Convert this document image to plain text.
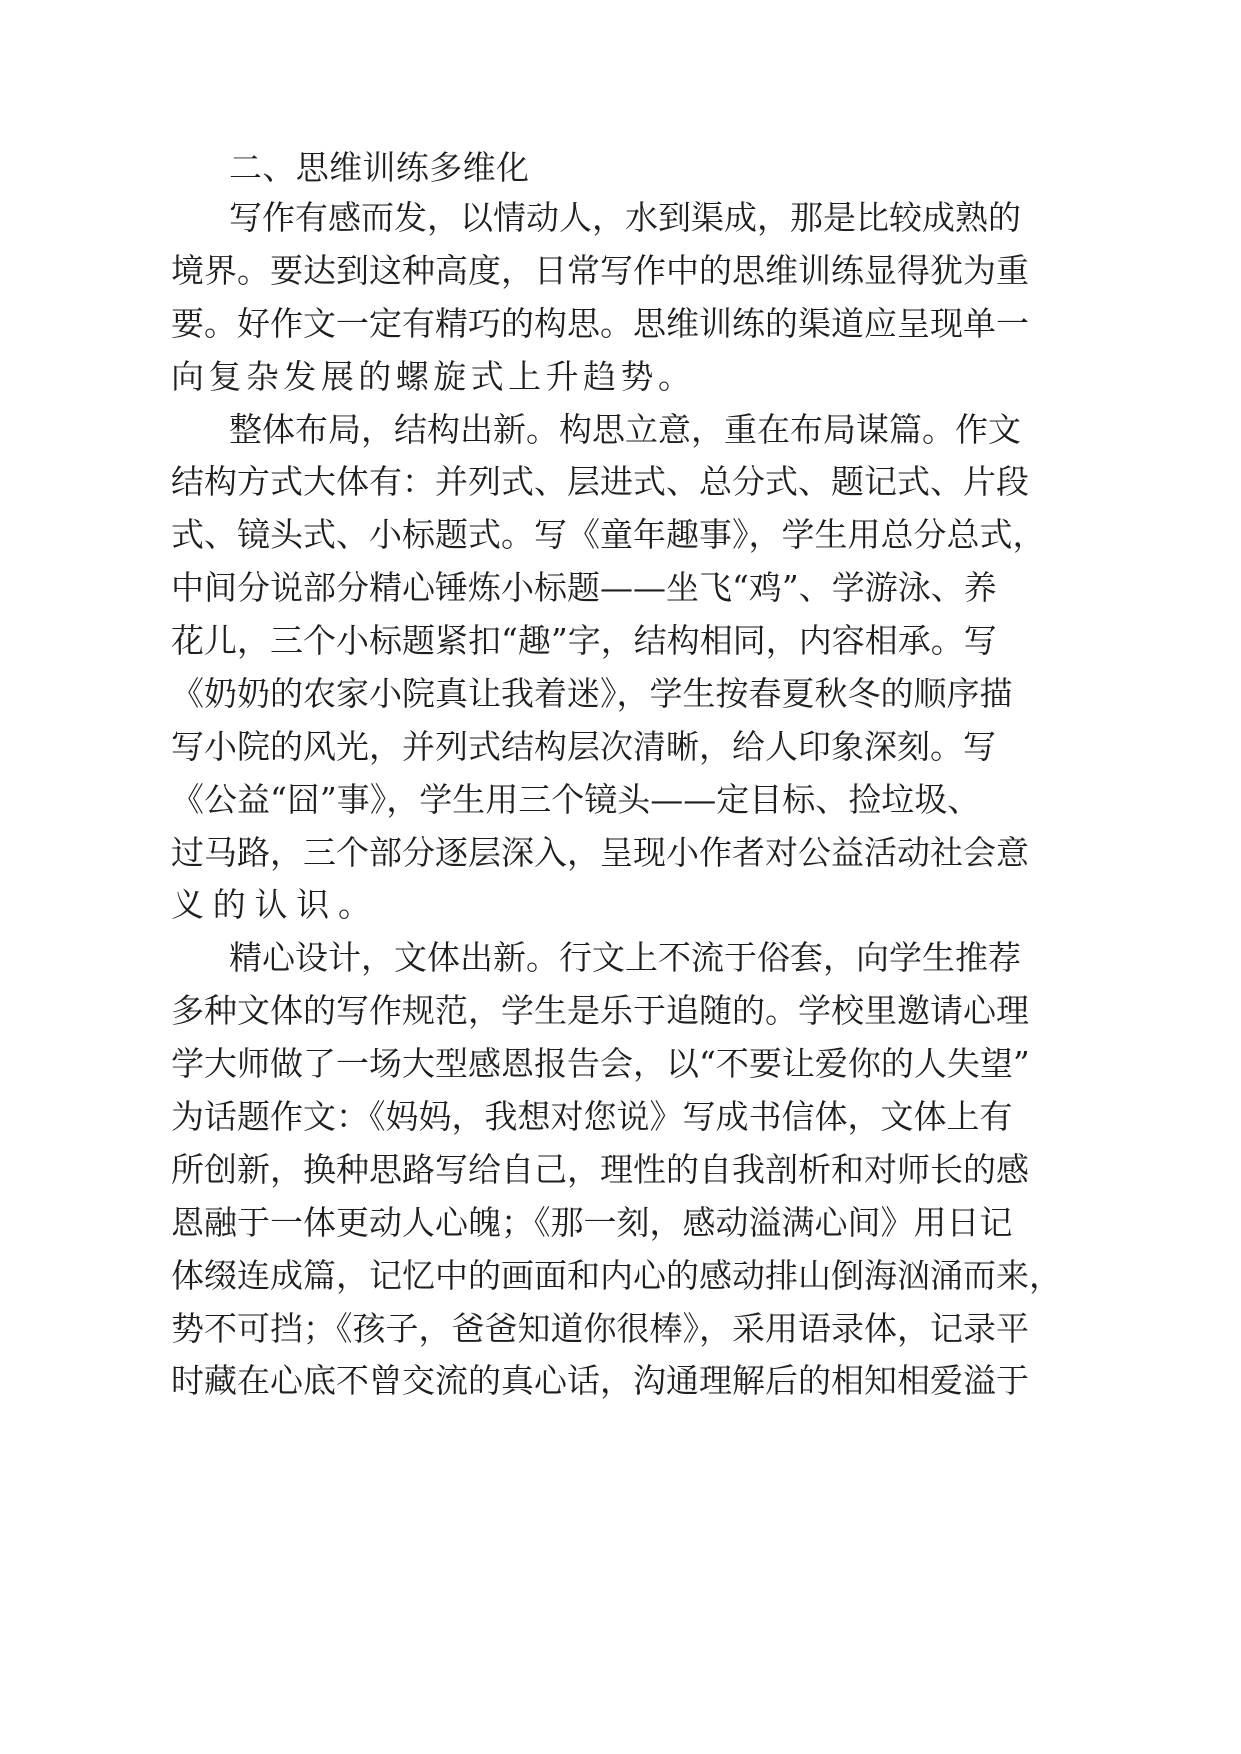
二、思维训练多维化
写作有感而发，以情动人，水到渠成，那是比较成熟的
境界。要达到这种高度，日常写作中的思维训练显得犹为重
要。好作文一定有精巧的构思。思维训练的渠道应呈现单一
向复杂发展的螺旋式上升趋势。
整体布局，结构出新。构思立意，重在布局谋篇。作文
结构方式大体有：并列式、层进式、总分式、题记式、片段
式、镜头式、小标题式。写《童年趣事》，学生用总分总式，
中间分说部分精心锤炼小标题——坐飞“鸡”、学游泳、养
花儿，三个小标题紧扣“趣”字，结构相同，内容相承。写
《奶奶的农家小院真让我着迷》，学生按春夏秋冬的顺序描
写小院的风光，并列式结构层次清晰，给人印象深刻。写
《公益“囧”事》，学生用三个镜头——定目标、捡垃圾、
过马路，三个部分逐层深入，呈现小作者对公益活动社会意
义的认识。
精心设计，文体出新。行文上不流于俗套，向学生推荐
多种文体的写作规范，学生是乐于追随的。学校里邀请心理
学大师做了一场大型感恩报告会，以“不要让爱你的人失望”
为话题作文：《妈妈，我想对您说》写成书信体，文体上有
所创新，换种思路写给自己，理性的自我剖析和对师长的感
恩融于一体更动人心魄；《那一刻，感动溢满心间》用日记
体缀连成篇，记忆中的画面和内心的感动排山倒海汹涌而来，
势不可挡；《孩子，爸爸知道你很棒》，采用语录体，记录平
时藏在心底不曾交流的真心话，沟通理解后的相知相爱溢于
